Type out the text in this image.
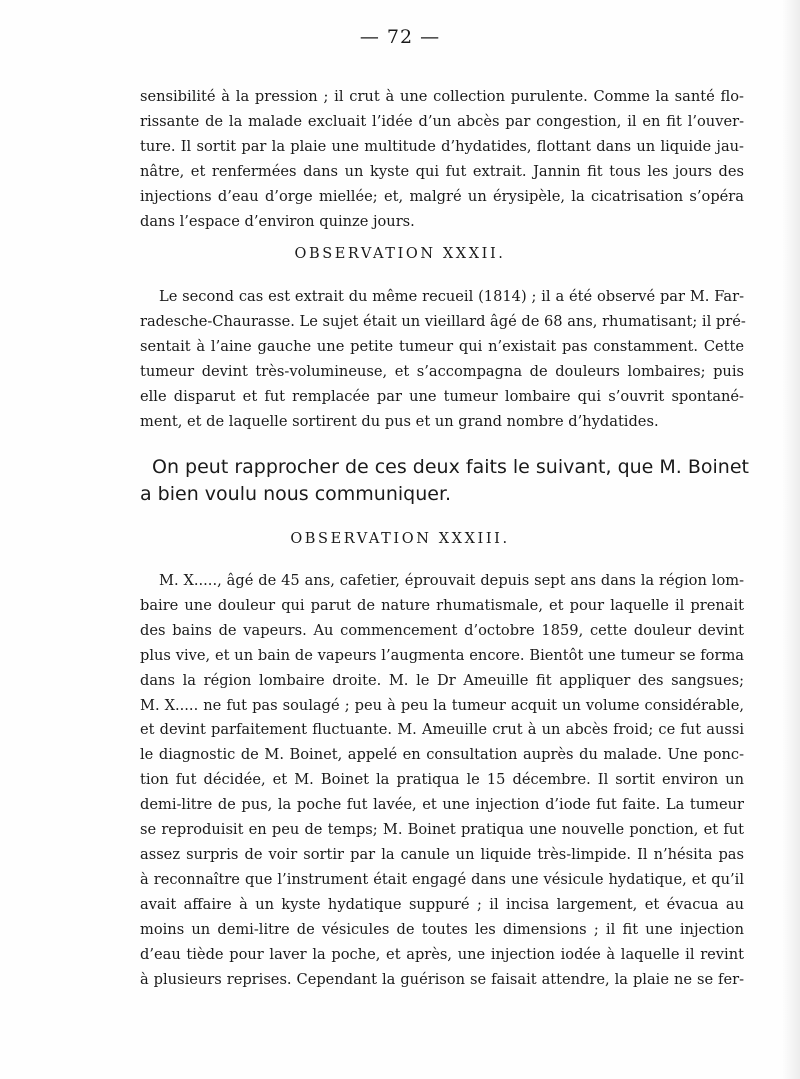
— 72 —
sensibilité à la pression ; il crut à une collection purulente. Comme la santé flo-
rissante de la malade excluait l’idée d’un abcès par congestion, il en fit l’ouver-
ture. Il sortit par la plaie une multitude d’hydatides, flottant dans un liquide jau-
nâtre, et renfermées dans un kyste qui fut extrait. Jannin fit tous les jours des
injections d’eau d’orge miellée; et, malgré un érysipèle, la cicatrisation s’opéra
dans l’espace d’environ quinze jours.
OBSERVATION XXXII.
Le second cas est extrait du même recueil (1814) ; il a été observé par M. Far-
radesche-Chaurasse. Le sujet était un vieillard âgé de 68 ans, rhumatisant; il pré-
sentait à l’aine gauche une petite tumeur qui n’existait pas constamment. Cette
tumeur devint très-volumineuse, et s’accompagna de douleurs lombaires; puis
elle disparut et fut remplacée par une tumeur lombaire qui s’ouvrit spontané-
ment, et de laquelle sortirent du pus et un grand nombre d’hydatides.
On peut rapprocher de ces deux faits le suivant, que M. Boinet
a bien voulu nous communiquer.
OBSERVATION XXXIII.
M. X....., âgé de 45 ans, cafetier, éprouvait depuis sept ans dans la région lom-
baire une douleur qui parut de nature rhumatismale, et pour laquelle il prenait
des bains de vapeurs. Au commencement d’octobre 1859, cette douleur devint
plus vive, et un bain de vapeurs l’augmenta encore. Bientôt une tumeur se forma
dans la région lombaire droite. M. le Dr Ameuille fit appliquer des sangsues;
M. X..... ne fut pas soulagé ; peu à peu la tumeur acquit un volume considérable,
et devint parfaitement fluctuante. M. Ameuille crut à un abcès froid; ce fut aussi
le diagnostic de M. Boinet, appelé en consultation auprès du malade. Une ponc-
tion fut décidée, et M. Boinet la pratiqua le 15 décembre. Il sortit environ un
demi-litre de pus, la poche fut lavée, et une injection d’iode fut faite. La tumeur
se reproduisit en peu de temps; M. Boinet pratiqua une nouvelle ponction, et fut
assez surpris de voir sortir par la canule un liquide très-limpide. Il n’hésita pas
à reconnaître que l’instrument était engagé dans une vésicule hydatique, et qu’il
avait affaire à un kyste hydatique suppuré ; il incisa largement, et évacua au
moins un demi-litre de vésicules de toutes les dimensions ; il fit une injection
d’eau tiède pour laver la poche, et après, une injection iodée à laquelle il revint
à plusieurs reprises. Cependant la guérison se faisait attendre, la plaie ne se fer-
